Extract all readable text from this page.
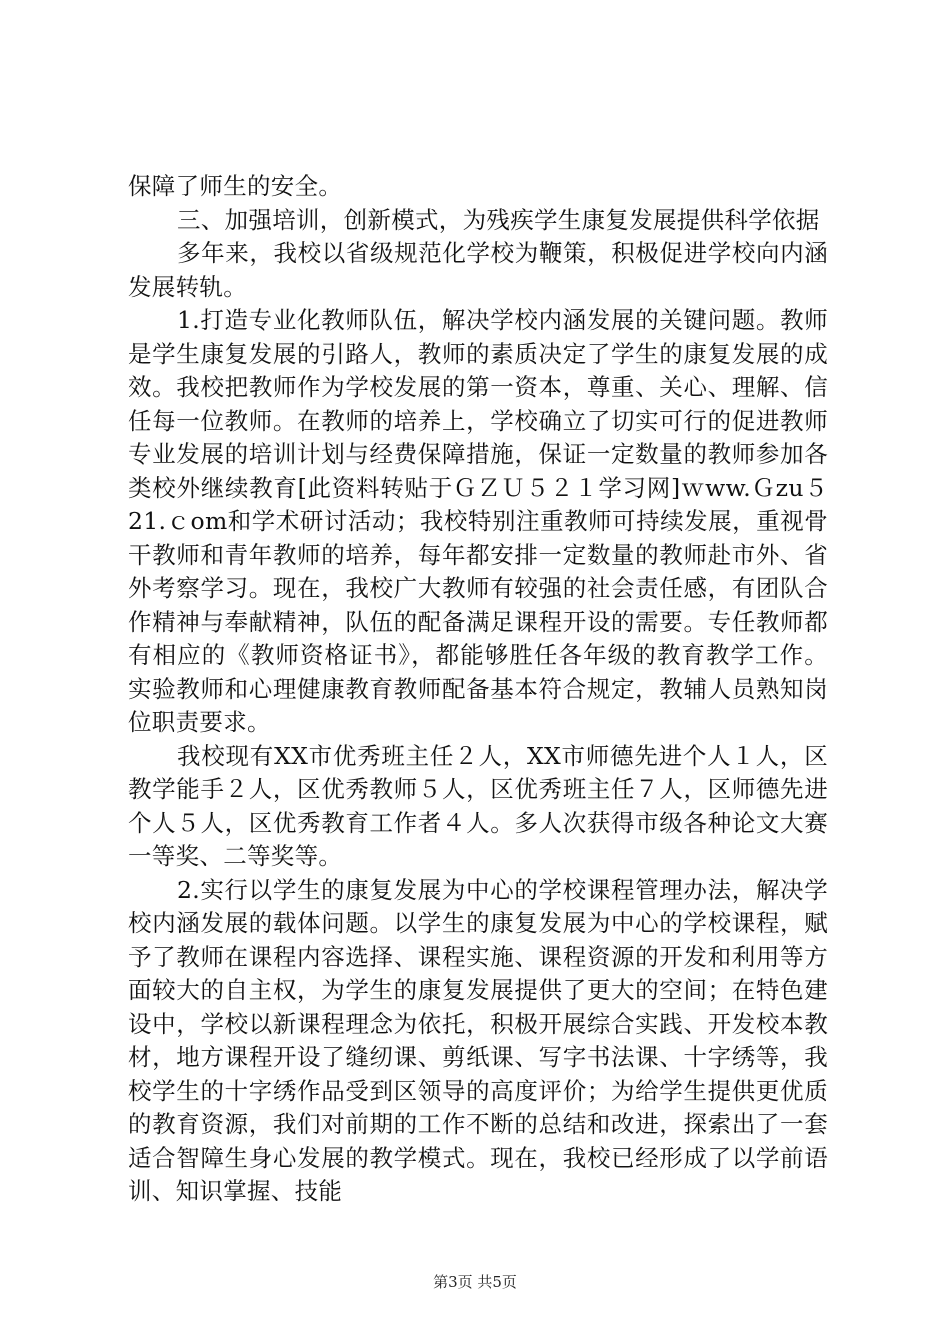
保障了师生的安全。

三、加强培训，创新模式，为残疾学生康复发展提供科学依据

多年来，我校以省级规范化学校为鞭策，积极促进学校向内涵发展转轨。

1.打造专业化教师队伍，解决学校内涵发展的关键问题。教师是学生康复发展的引路人，教师的素质决定了学生的康复发展的成效。我校把教师作为学校发展的第一资本，尊重、关心、理解、信任每一位教师。在教师的培养上，学校确立了切实可行的促进教师专业发展的培训计划与经费保障措施，保证一定数量的教师参加各类校外继续教育[此资料转贴于ＧＺＵ５２１学习网]ｗww.Ｇzu５21.ｃom和学术研讨活动；我校特别注重教师可持续发展，重视骨干教师和青年教师的培养，每年都安排一定数量的教师赴市外、省外考察学习。现在，我校广大教师有较强的社会责任感，有团队合作精神与奉献精神，队伍的配备满足课程开设的需要。专任教师都有相应的《教师资格证书》，都能够胜任各年级的教育教学工作。实验教师和心理健康教育教师配备基本符合规定，教辅人员熟知岗位职责要求。

我校现有XX市优秀班主任２人，XX市师德先进个人１人，区教学能手２人，区优秀教师５人，区优秀班主任７人，区师德先进个人５人，区优秀教育工作者４人。多人次获得市级各种论文大赛一等奖、二等奖等。

2.实行以学生的康复发展为中心的学校课程管理办法，解决学校内涵发展的载体问题。以学生的康复发展为中心的学校课程，赋予了教师在课程内容选择、课程实施、课程资源的开发和利用等方面较大的自主权，为学生的康复发展提供了更大的空间；在特色建设中，学校以新课程理念为依托，积极开展综合实践、开发校本教材，地方课程开设了缝纫课、剪纸课、写字书法课、十字绣等，我校学生的十字绣作品受到区领导的高度评价；为给学生提供更优质的教育资源，我们对前期的工作不断的总结和改进，探索出了一套适合智障生身心发展的教学模式。现在，我校已经形成了以学前语训、知识掌握、技能

第3页 共5页
